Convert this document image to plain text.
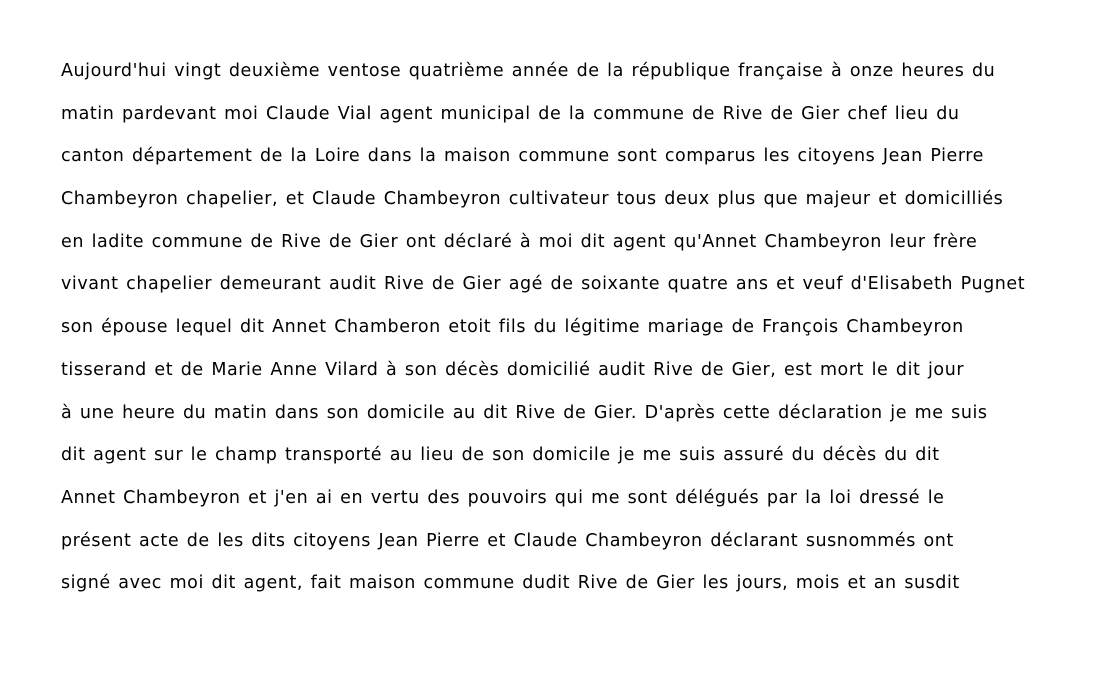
Aujourd'hui vingt deuxième ventose quatrième année de la république française à onze heures du
matin pardevant moi Claude Vial agent municipal de la commune de Rive de Gier chef lieu du
canton département de la Loire dans la maison commune sont comparus les citoyens Jean Pierre
Chambeyron chapelier, et Claude Chambeyron cultivateur tous deux plus que majeur et domicilliés
en ladite commune de Rive de Gier ont déclaré à moi dit agent qu'Annet Chambeyron leur frère
vivant chapelier demeurant audit Rive de Gier agé de soixante quatre ans et veuf d'Elisabeth Pugnet
son épouse lequel dit Annet Chamberon etoit fils du légitime mariage de François Chambeyron
tisserand et de Marie Anne Vilard à son décès domicilié audit Rive de Gier, est mort le dit jour
à une heure du matin dans son domicile au dit Rive de Gier. D'après cette déclaration je me suis
dit agent sur le champ transporté au lieu de son domicile je me suis assuré du décès du dit
Annet Chambeyron et j'en ai en vertu des pouvoirs qui me sont délégués par la loi dressé le
présent acte de les dits citoyens Jean Pierre et Claude Chambeyron déclarant susnommés ont
signé avec moi dit agent, fait maison commune dudit Rive de Gier les jours, mois et an susdit
